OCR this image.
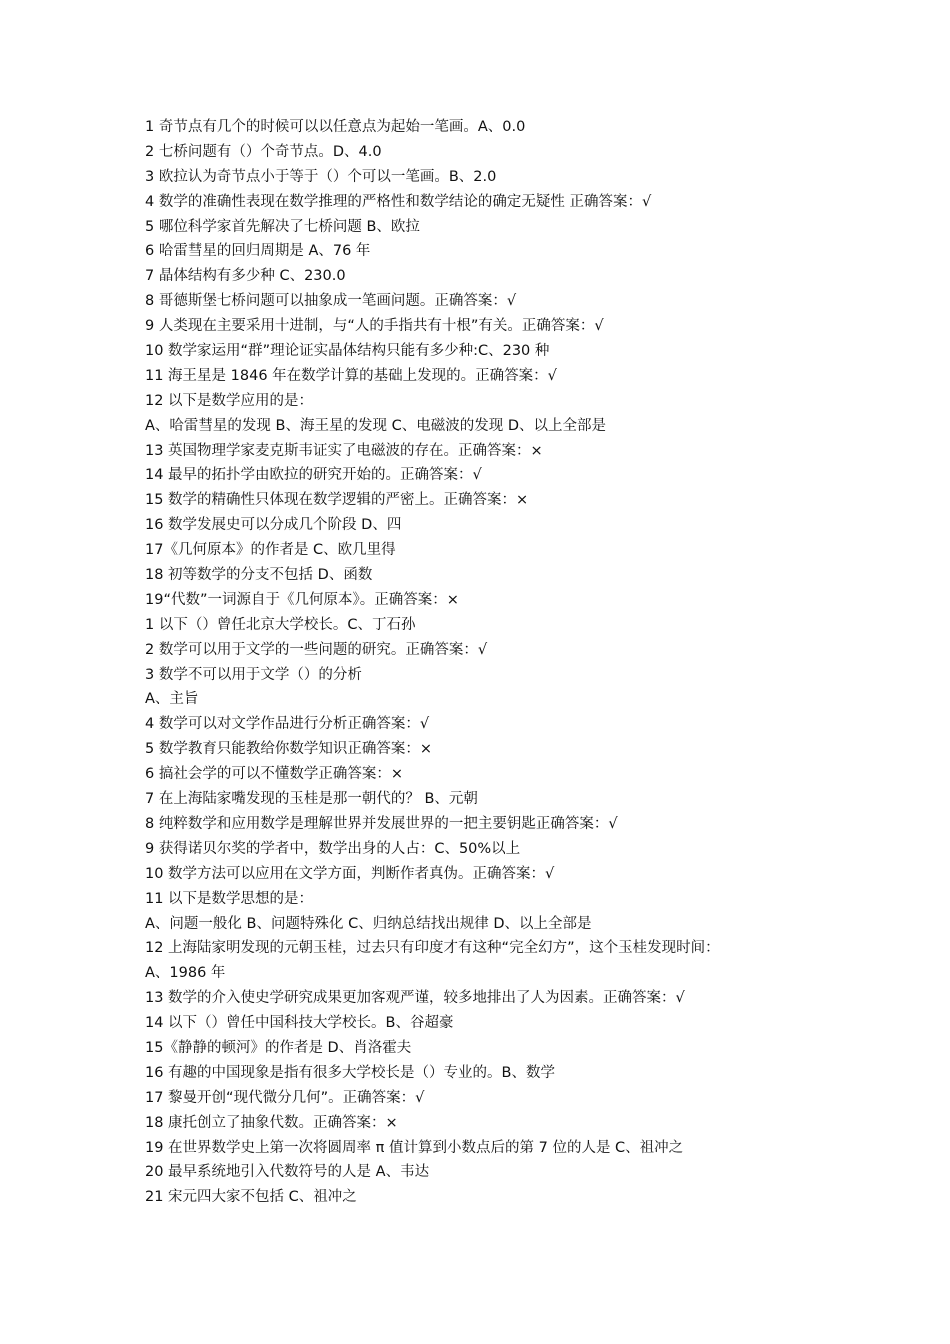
1 奇节点有几个的时候可以以任意点为起始一笔画。A、0.0
2 七桥问题有（）个奇节点。D、4.0
3 欧拉认为奇节点小于等于（）个可以一笔画。B、2.0
4 数学的准确性表现在数学推理的严格性和数学结论的确定无疑性 正确答案：√
5 哪位科学家首先解决了七桥问题 B、欧拉
6 哈雷彗星的回归周期是 A、76 年
7 晶体结构有多少种 C、230.0
8 哥德斯堡七桥问题可以抽象成一笔画问题。正确答案：√
9 人类现在主要采用十进制，与“人的手指共有十根”有关。正确答案：√
10 数学家运用“群”理论证实晶体结构只能有多少种:C、230 种
11 海王星是 1846 年在数学计算的基础上发现的。正确答案：√
12 以下是数学应用的是：
A、哈雷彗星的发现 B、海王星的发现 C、电磁波的发现 D、以上全部是
13 英国物理学家麦克斯韦证实了电磁波的存在。正确答案：×
14 最早的拓扑学由欧拉的研究开始的。正确答案：√
15 数学的精确性只体现在数学逻辑的严密上。正确答案：×
16 数学发展史可以分成几个阶段 D、四
17《几何原本》的作者是 C、欧几里得
18 初等数学的分支不包括 D、函数
19“代数”一词源自于《几何原本》。正确答案：×
1 以下（）曾任北京大学校长。C、丁石孙
2 数学可以用于文学的一些问题的研究。正确答案：√
3 数学不可以用于文学（）的分析
A、主旨
4 数学可以对文学作品进行分析正确答案：√
5 数学教育只能教给你数学知识正确答案：×
6 搞社会学的可以不懂数学正确答案：×
7 在上海陆家嘴发现的玉桂是那一朝代的？ B、元朝
8 纯粹数学和应用数学是理解世界并发展世界的一把主要钥匙正确答案：√
9 获得诺贝尔奖的学者中，数学出身的人占：C、50%以上
10 数学方法可以应用在文学方面，判断作者真伪。正确答案：√
11 以下是数学思想的是：
A、问题一般化 B、问题特殊化 C、归纳总结找出规律 D、以上全部是
12 上海陆家明发现的元朝玉桂，过去只有印度才有这种“完全幻方”，这个玉桂发现时间：
A、1986 年
13 数学的介入使史学研究成果更加客观严谨，较多地排出了人为因素。正确答案：√
14 以下（）曾任中国科技大学校长。B、谷超豪
15《静静的顿河》的作者是 D、肖洛霍夫
16 有趣的中国现象是指有很多大学校长是（）专业的。B、数学
17 黎曼开创“现代微分几何”。正确答案：√
18 康托创立了抽象代数。正确答案：×
19 在世界数学史上第一次将圆周率 π 值计算到小数点后的第 7 位的人是 C、祖冲之
20 最早系统地引入代数符号的人是 A、韦达
21 宋元四大家不包括 C、祖冲之
